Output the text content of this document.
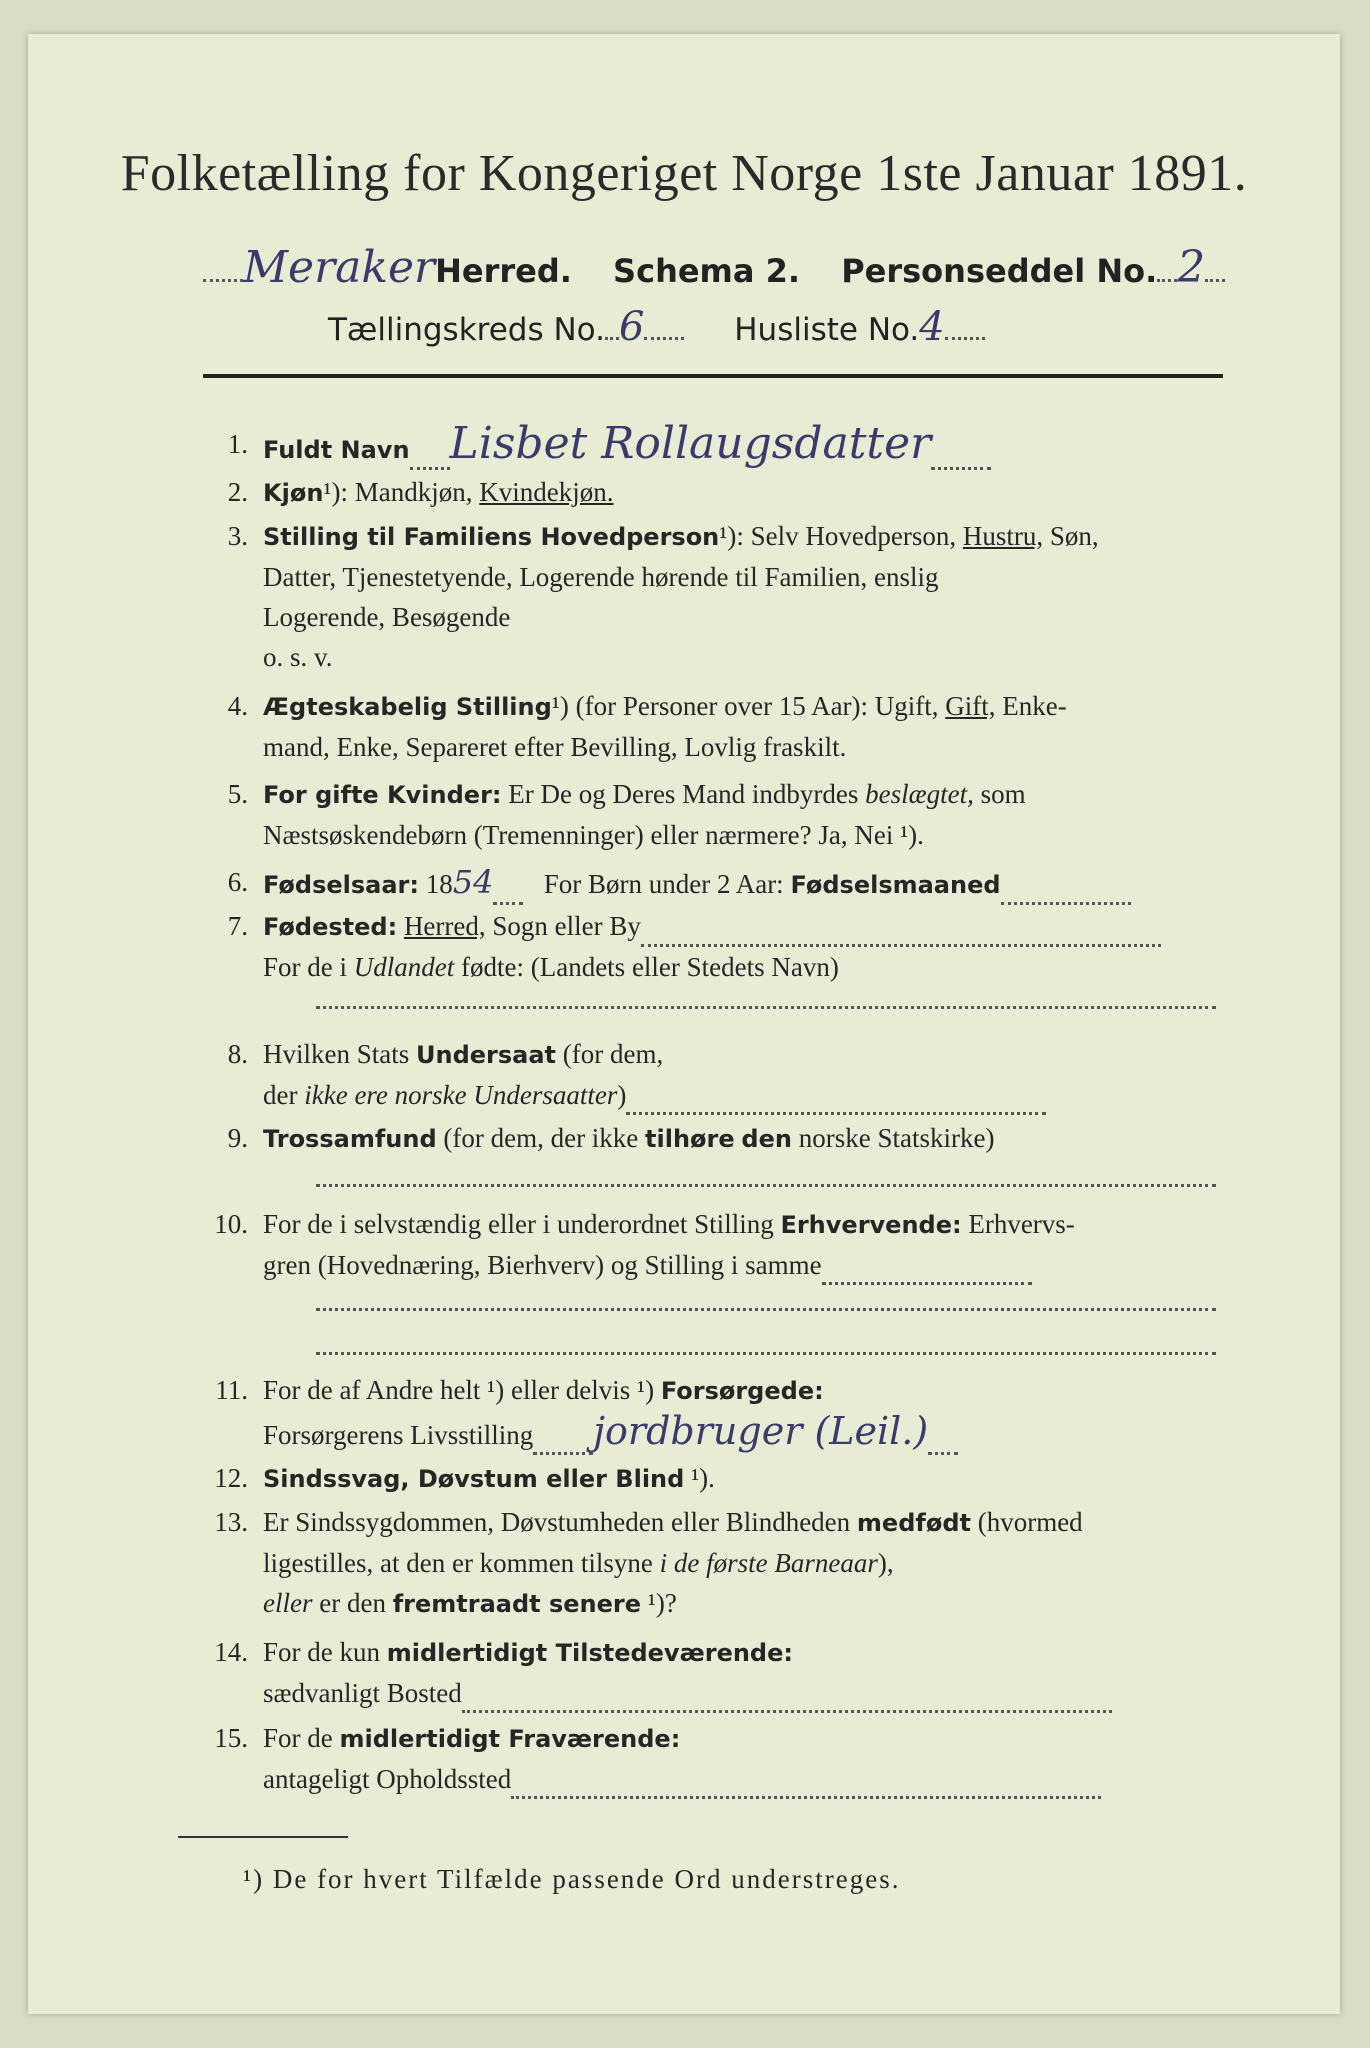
Folketælling for Kongeriget Norge 1ste Januar 1891.
MerakerHerred. Schema 2. Personseddel No. 2
Tællingskreds No. 6	Husliste No.4
1. Fuldt Navn Lisbet Rollaugsdatter
2. Kjøn¹): Mandkjøn, Kvindekjøn.
3. Stilling til Familiens Hovedperson¹): Selv Hovedperson, Hustru, Søn,
Datter, Tjenestetyende, Logerende hørende til Familien, enslig
Logerende, Besøgende
o. s. v.
4. Ægteskabelig Stilling¹) (for Personer over 15 Aar): Ugift, Gift, Enke-
mand, Enke, Separeret efter Bevilling, Lovlig fraskilt.
5. For gifte Kvinder: Er De og Deres Mand indbyrdes beslægtet, som
Næstsøskendebørn (Tremenninger) eller nærmere? Ja, Nei ¹).
6. Fødselsaar: 1854 For Børn under 2 Aar: Fødselsmaaned
7. Fødested: Herred, Sogn eller By
For de i Udlandet fødte: (Landets eller Stedets Navn)
8. Hvilken Stats Undersaat (for dem,
der ikke ere norske Undersaatter)
9. Trossamfund (for dem, der ikke tilhøre den norske Statskirke)
10. For de i selvstændig eller i underordnet Stilling Erhvervende: Erhvervs-
gren (Hovednæring, Bierhverv) og Stilling i samme
11. For de af Andre helt ¹) eller delvis ¹) Forsørgede:
Forsørgerens Livsstilling jordbruger (Leil.)
12. Sindssvag, Døvstum eller Blind ¹).
13. Er Sindssygdommen, Døvstumheden eller Blindheden medfødt (hvormed
ligestilles, at den er kommen tilsyne i de første Barneaar),
eller er den fremtraadt senere ¹)?
14. For de kun midlertidigt Tilstedeværende:
sædvanligt Bosted
15. For de midlertidigt Fraværende:
antageligt Opholdssted
¹) De for hvert Tilfælde passende Ord understreges.
